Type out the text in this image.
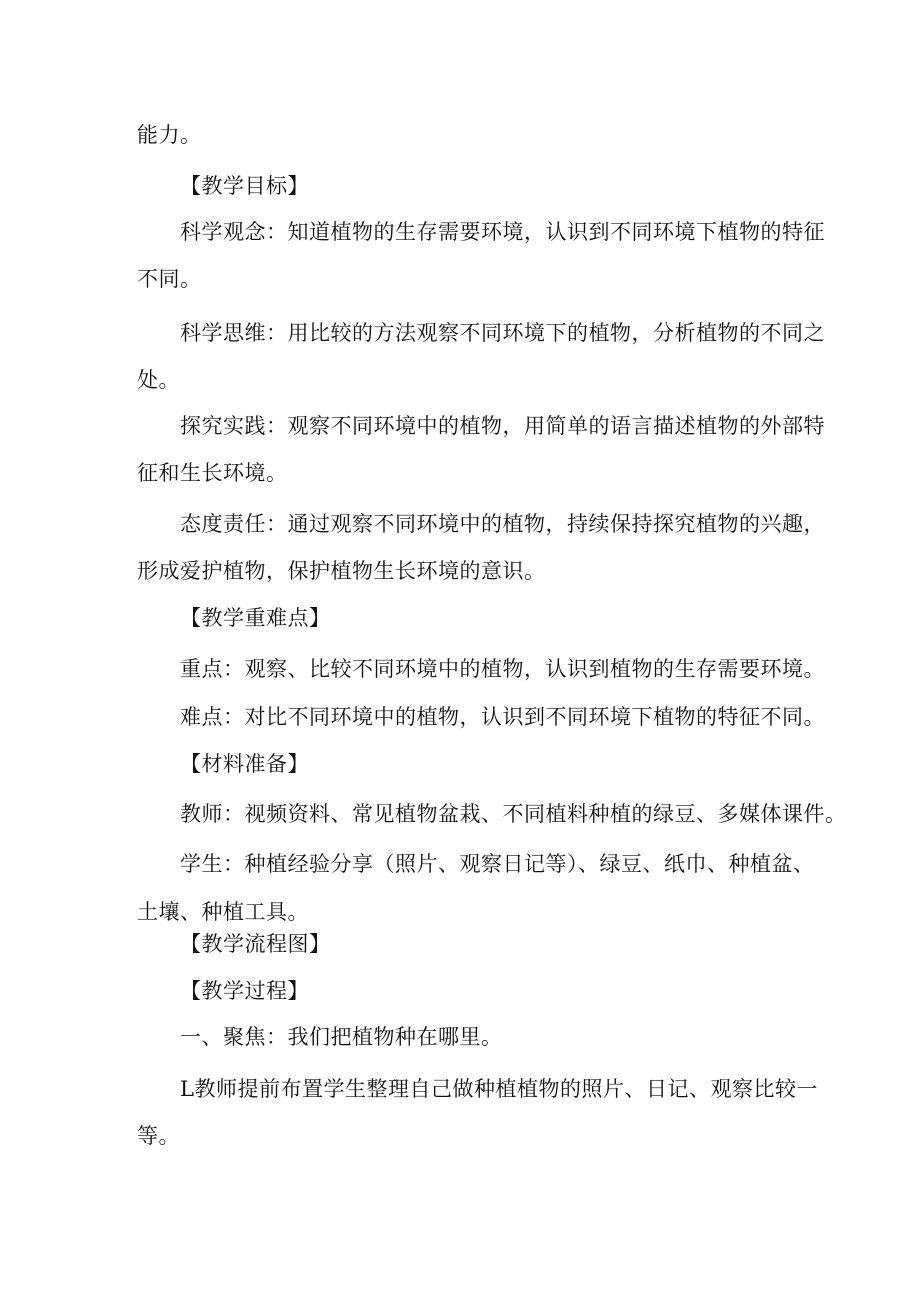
能力。
【教学目标】
科学观念：知道植物的生存需要环境，认识到不同环境下植物的特征
不同。
科学思维：用比较的方法观察不同环境下的植物，分析植物的不同之
处。
探究实践：观察不同环境中的植物，用简单的语言描述植物的外部特
征和生长环境。
态度责任：通过观察不同环境中的植物，持续保持探究植物的兴趣，
形成爱护植物，保护植物生长环境的意识。
【教学重难点】
重点：观察、比较不同环境中的植物，认识到植物的生存需要环境。
难点：对比不同环境中的植物，认识到不同环境下植物的特征不同。
【材料准备】
教师：视频资料、常见植物盆栽、不同植料种植的绿豆、多媒体课件。
学生：种植经验分享（照片、观察日记等）、绿豆、纸巾、种植盆、
土壤、种植工具。
【教学流程图】
【教学过程】
一、聚焦：我们把植物种在哪里。
L教师提前布置学生整理自己做种植植物的照片、日记、观察比较一
等。
